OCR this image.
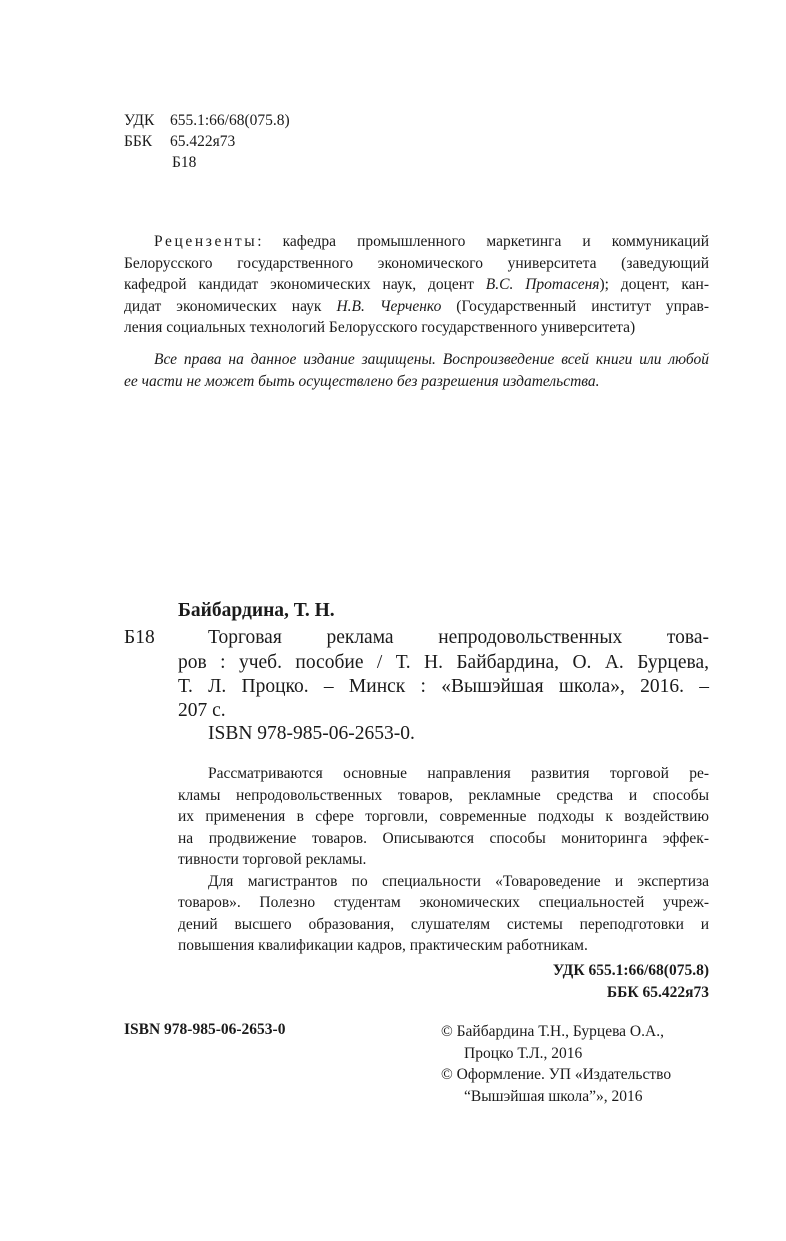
УДК 655.1:66/68(075.8)
ББК 65.422я73
Б18
Рецензенты: кафедра промышленного маркетинга и коммуникаций
Белорусского государственного экономического университета (заведующий
кафедрой кандидат экономических наук, доцент В.С. Протасеня); доцент, кан-
дидат экономических наук Н.В. Черченко (Государственный институт управ-
ления социальных технологий Белорусского государственного университета)
Все права на данное издание защищены. Воспроизведение всей книги или любой
ее части не может быть осуществлено без разрешения издательства.
Байбардина, Т. Н.
Б18	Торговая реклама непродовольственных това-
ров : учеб. пособие / Т. Н. Байбардина, О. А. Бурцева,
Т. Л. Процко. – Минск : «Вышэйшая школа», 2016. –
207 с.
ISBN 978-985-06-2653-0.
Рассматриваются основные направления развития торговой ре-
кламы непродовольственных товаров, рекламные средства и способы
их применения в сфере торговли, современные подходы к воздействию
на продвижение товаров. Описываются способы мониторинга эффек-
тивности торговой рекламы.
Для магистрантов по специальности «Товароведение и экспертиза
товаров». Полезно студентам экономических специальностей учреж-
дений высшего образования, слушателям системы переподготовки и
повышения квалификации кадров, практическим работникам.
УДК 655.1:66/68(075.8)
ББК 65.422я73
ISBN 978-985-06-2653-0	© Байбардина Т.Н., Бурцева О.А.,
Процко Т.Л., 2016
© Оформление. УП «Издательство
“Вышэйшая школа”», 2016
